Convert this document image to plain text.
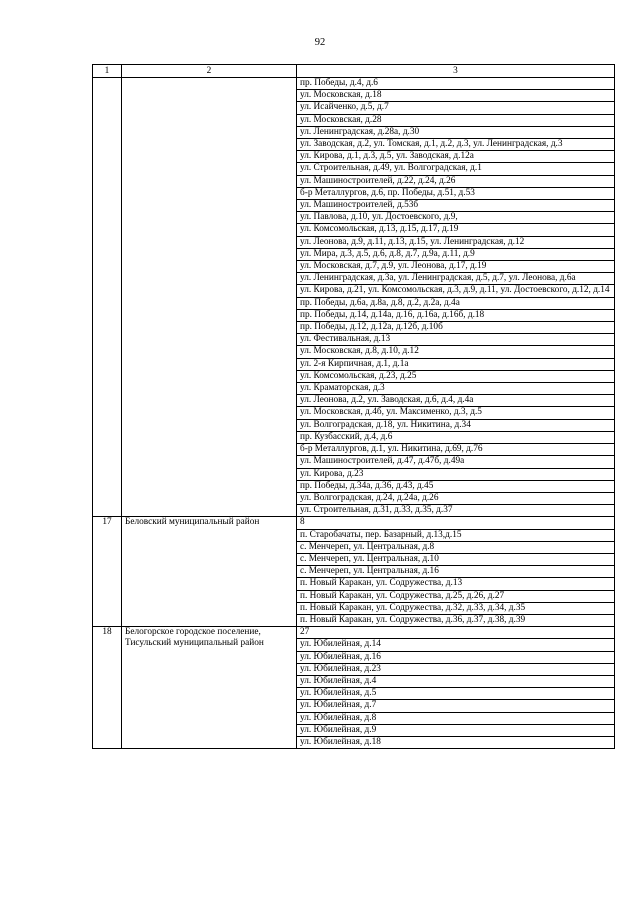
92
1	2	3
		пр. Победы, д.4, д.6
		ул. Московская, д.18
		ул. Исайченко, д.5, д.7
		ул. Московская, д.28
		ул. Ленинградская, д.28а, д.30
		ул. Заводская, д.2, ул. Томская, д.1, д.2, д.3, ул. Ленинградская, д.3
		ул. Кирова, д.1, д.3, д.5, ул. Заводская, д.12а
		ул. Строительная, д.49, ул. Волгоградская, д.1
		ул. Машиностроителей, д.22, д.24, д.26
		б-р Металлургов, д.6, пр. Победы, д.51, д.53
		ул. Машиностроителей, д.53б
		ул. Павлова, д.10, ул. Достоевского, д.9,
		ул. Комсомольская, д.13, д.15, д.17, д.19
		ул. Леонова, д.9, д.11, д.13, д.15, ул. Ленинградская, д.12
		ул. Мира, д.3, д.5, д.6, д.8, д.7, д.9а, д.11, д.9
		ул. Московская, д.7, д.9, ул. Леонова, д.17, д.19
		ул. Ленинградская, д.3а, ул. Ленинградская, д.5, д.7, ул. Леонова, д.6а
		ул. Кирова, д.21, ул. Комсомольская, д.3, д.9, д.11, ул. Достоевского, д.12, д.14
		пр. Победы, д.6а, д.8а, д.8, д.2, д.2а, д.4а
		пр. Победы, д.14, д.14а, д.16, д.16а, д.16б, д.18
		пр. Победы, д.12, д.12а, д.12б, д.10б
		ул. Фестивальная, д.13
		ул. Московская, д.8, д.10, д.12
		ул. 2-я Кирпичная, д.1, д.1а
		ул. Комсомольская, д.23, д.25
		ул. Краматорская, д.3
		ул. Леонова, д.2, ул. Заводская, д.6, д.4, д.4а
		ул. Московская, д.4б, ул. Максименко, д.3, д.5
		ул. Волгоградская, д.18, ул. Никитина, д.34
		пр. Кузбасский, д.4, д.6
		б-р Металлургов, д.1, ул. Никитина, д.69, д.76
		ул. Машиностроителей, д.47, д.47б, д.49а
		ул. Кирова, д.23
		пр. Победы, д.34а, д.36, д.43, д.45
		ул. Волгоградская, д.24, д.24а, д.26
		ул. Строительная, д.31, д.33, д.35, д.37
17	Беловский муниципальный район	8
		п. Старобачаты, пер. Базарный, д.13,д.15
		с. Менчереп, ул. Центральная, д.8
		с. Менчереп, ул. Центральная, д.10
		с. Менчереп, ул. Центральная, д.16
		п. Новый Каракан, ул. Содружества, д.13
		п. Новый Каракан, ул. Содружества, д.25, д.26, д.27
		п. Новый Каракан, ул. Содружества, д.32, д.33, д.34, д.35
		п. Новый Каракан, ул. Содружества, д.36, д.37, д.38, д.39
18	Белогорское городское поселение, Тисульский муниципальный район	27
		ул. Юбилейная, д.14
		ул. Юбилейная, д.16
		ул. Юбилейная, д.23
		ул. Юбилейная, д.4
		ул. Юбилейная, д.5
		ул. Юбилейная, д.7
		ул. Юбилейная, д.8
		ул. Юбилейная, д.9
		ул. Юбилейная, д.18
